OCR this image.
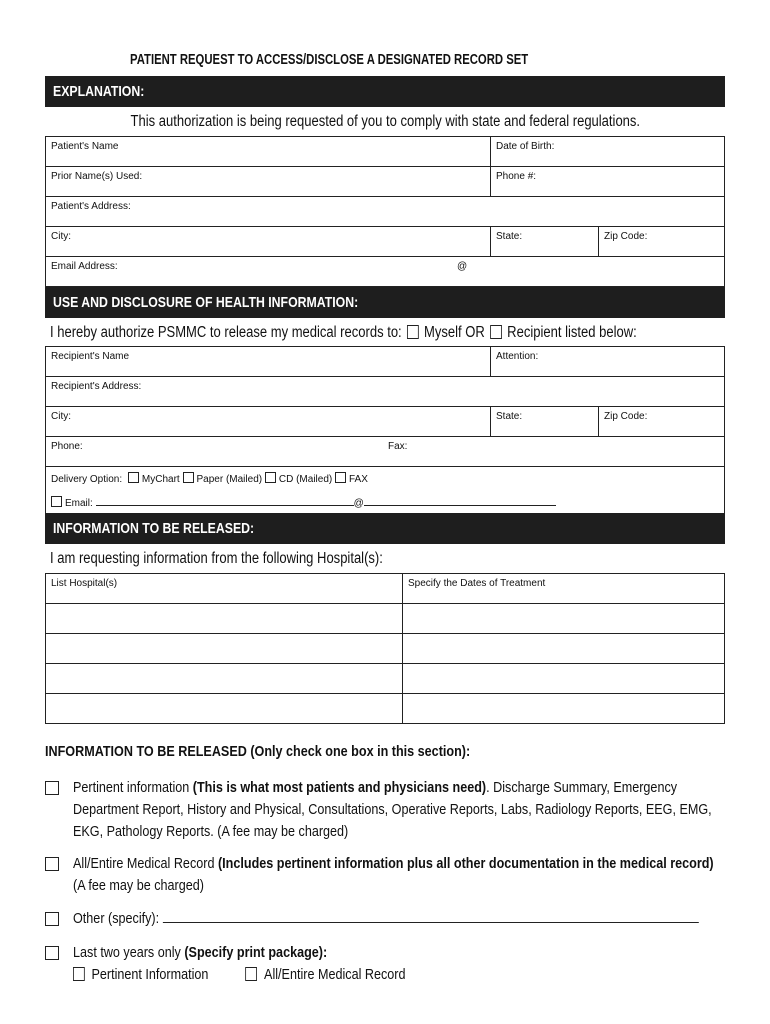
PATIENT REQUEST TO ACCESS/DISCLOSE A DESIGNATED RECORD SET
EXPLANATION:
This authorization is being requested of you to comply with state and federal regulations.
Patient's Name	Date of Birth:
Prior Name(s) Used:	Phone #:
Patient's Address:
City:	State:	Zip Code:
Email Address:	@
USE AND DISCLOSURE OF HEALTH INFORMATION:
I hereby authorize PSMMC to release my medical records to: Myself OR Recipient listed below:
Recipient's Name	Attention:
Recipient's Address:
City:	State:	Zip Code:
Phone:	Fax:
Delivery Option: MyChart Paper (Mailed) CD (Mailed) FAX
Email:	@
INFORMATION TO BE RELEASED:
I am requesting information from the following Hospital(s):
List Hospital(s)	Specify the Dates of Treatment
INFORMATION TO BE RELEASED (Only check one box in this section):
Pertinent information (This is what most patients and physicians need). Discharge Summary, Emergency Department Report, History and Physical, Consultations, Operative Reports, Labs, Radiology Reports, EEG, EMG, EKG, Pathology Reports. (A fee may be charged)
All/Entire Medical Record (Includes pertinent information plus all other documentation in the medical record) (A fee may be charged)
Other (specify):
Last two years only (Specify print package):
Pertinent Information	All/Entire Medical Record
